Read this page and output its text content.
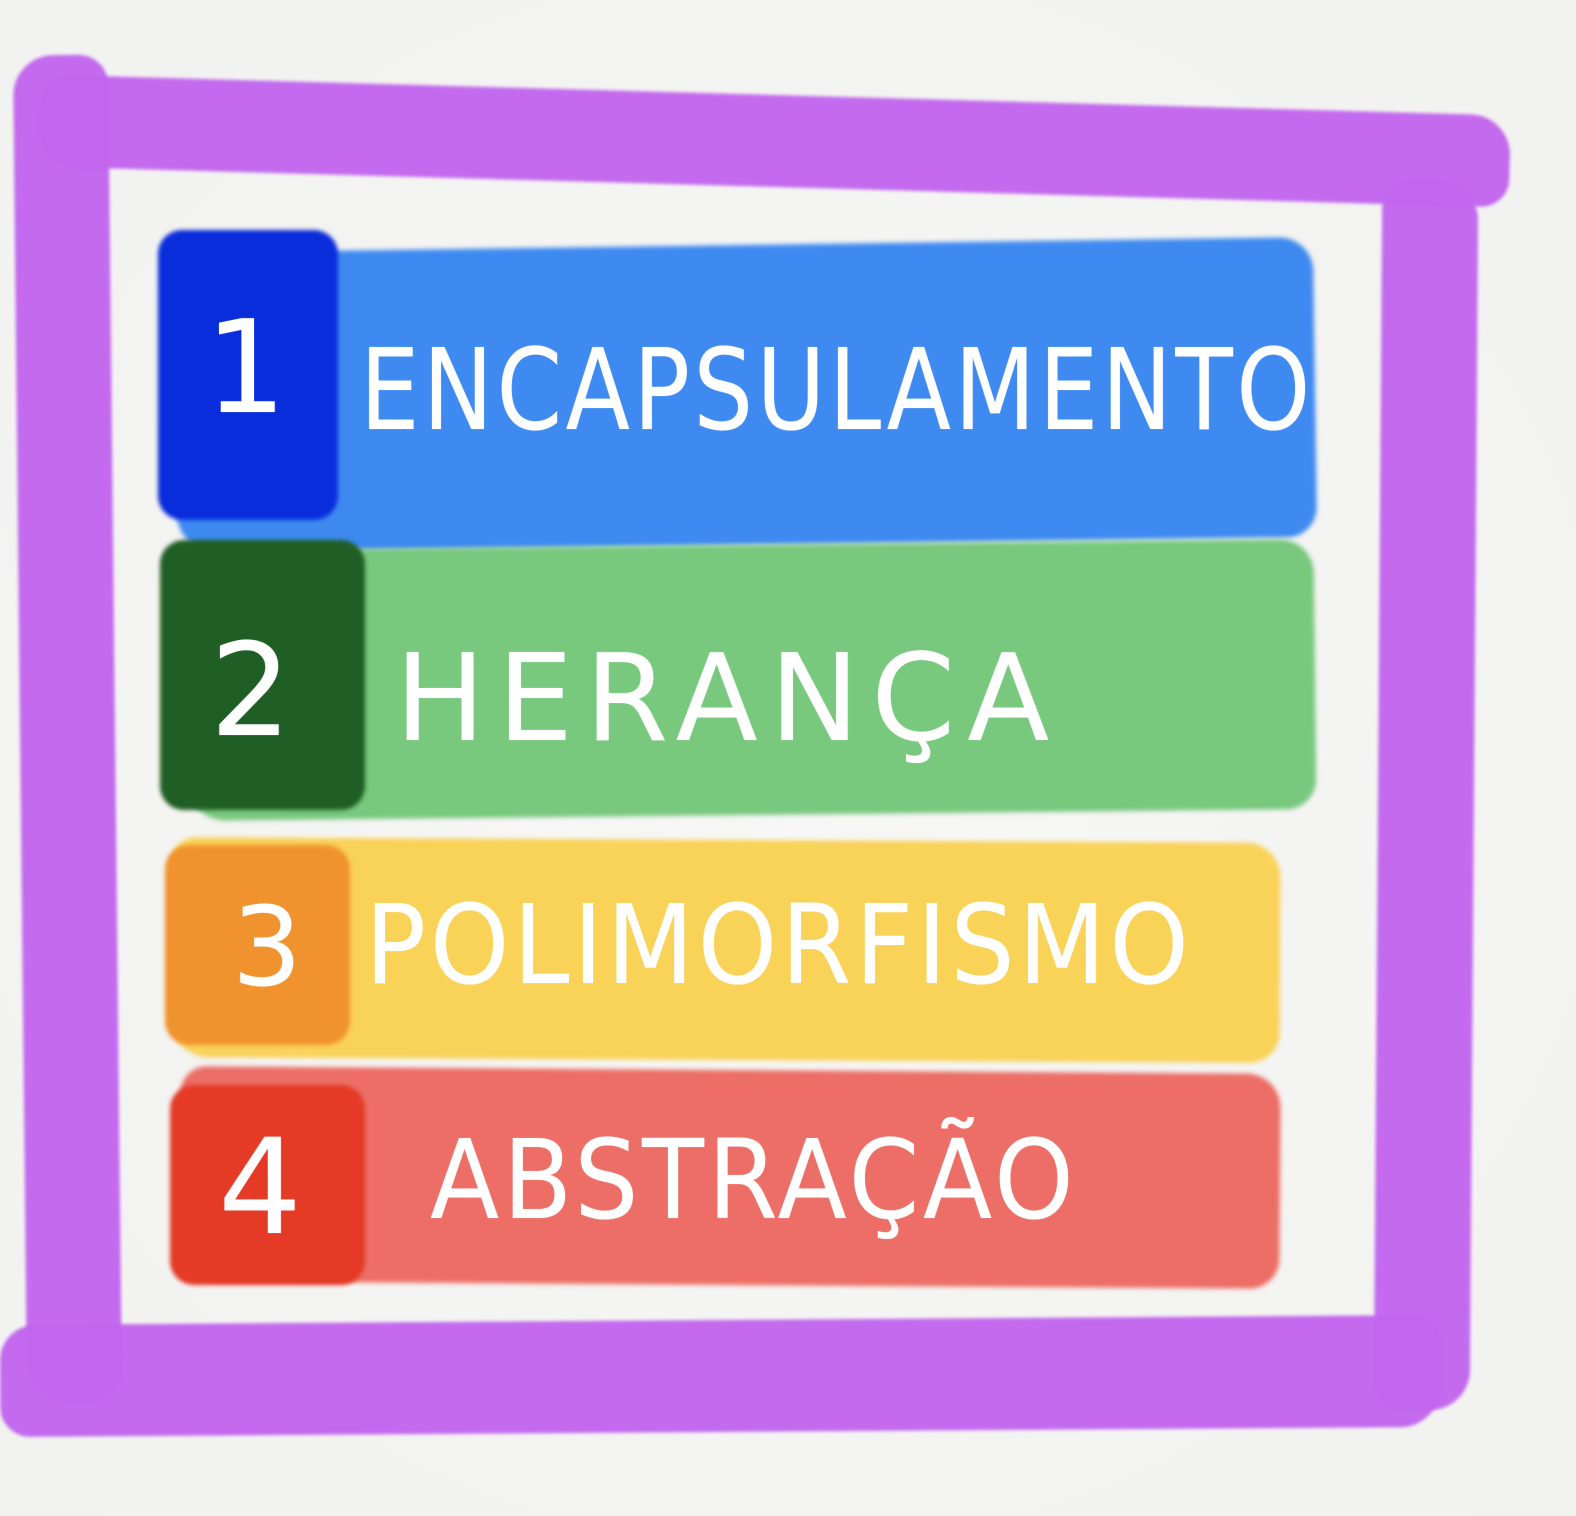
1 ENCAPSULAMENTO
2 HERANÇA
3 POLIMORFISMO
4 ABSTRAÇÃO
